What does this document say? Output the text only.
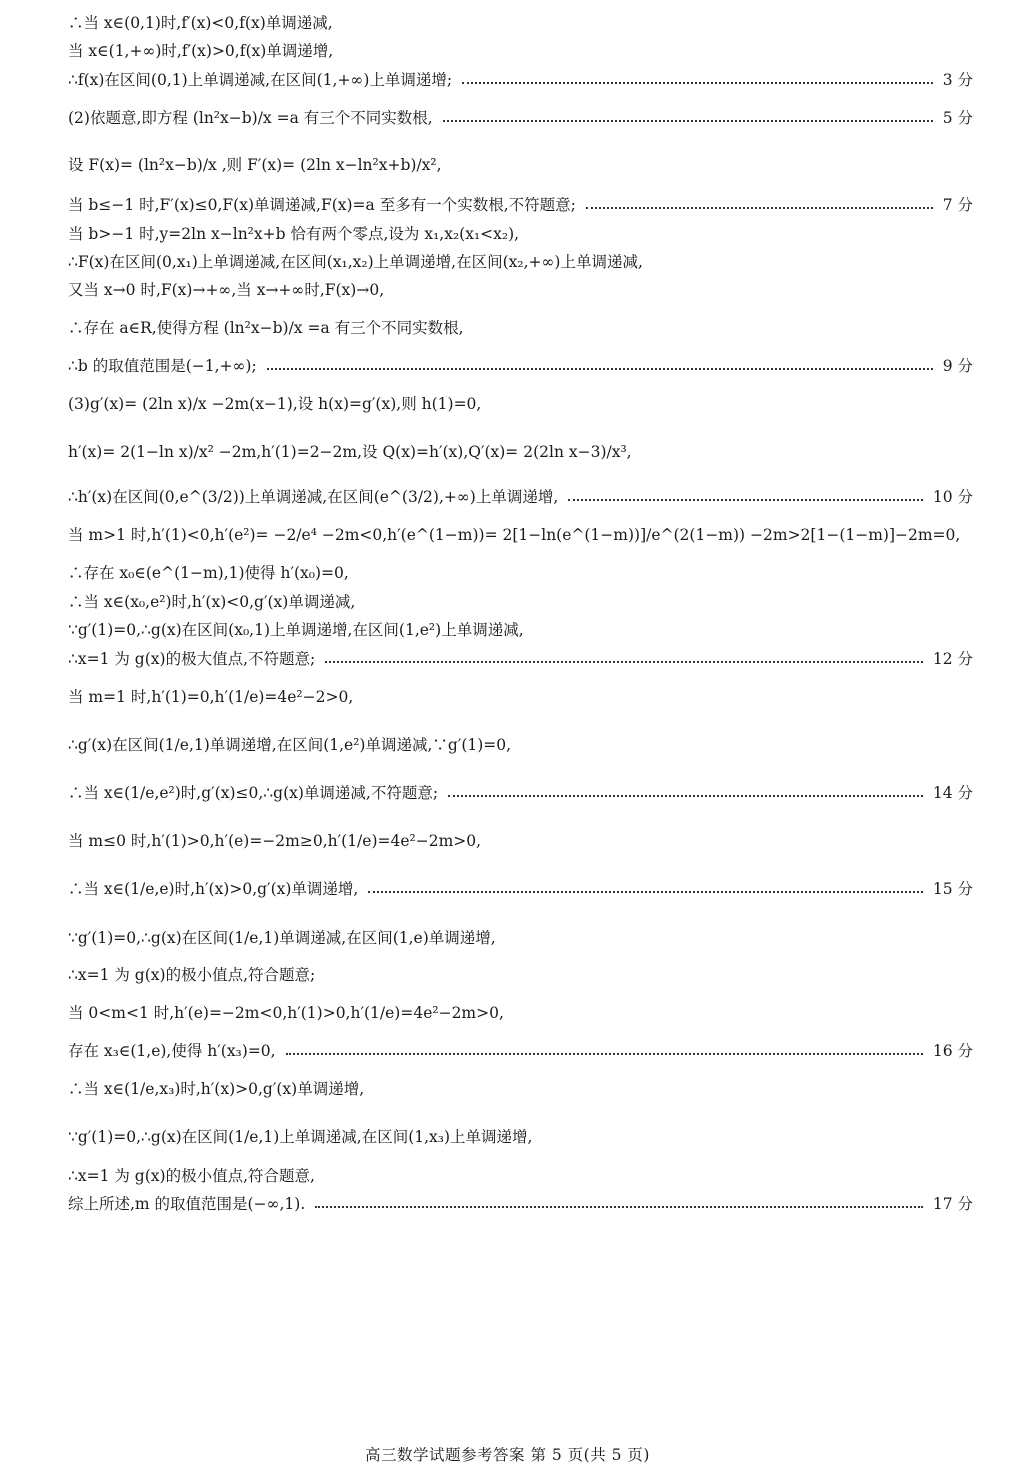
∴当 x∈(0,1)时,f′(x)<0,f(x)单调递减,
当 x∈(1,+∞)时,f′(x)>0,f(x)单调递增,
∴f(x)在区间(0,1)上单调递减,在区间(1,+∞)上单调递增;	3 分
(2)依题意,即方程 (ln²x−b)/x =a 有三个不同实数根,	5 分
设 F(x)= (ln²x−b)/x ,则 F′(x)= (2ln x−ln²x+b)/x²,
当 b≤−1 时,F′(x)≤0,F(x)单调递减,F(x)=a 至多有一个实数根,不符题意;	7 分
当 b>−1 时,y=2ln x−ln²x+b 恰有两个零点,设为 x₁,x₂(x₁<x₂),
∴F(x)在区间(0,x₁)上单调递减,在区间(x₁,x₂)上单调递增,在区间(x₂,+∞)上单调递减,
又当 x→0 时,F(x)→+∞,当 x→+∞时,F(x)→0,
∴存在 a∈R,使得方程 (ln²x−b)/x =a 有三个不同实数根,
∴b 的取值范围是(−1,+∞);	9 分
(3)g′(x)= (2ln x)/x −2m(x−1),设 h(x)=g′(x),则 h(1)=0,
h′(x)= 2(1−ln x)/x² −2m,h′(1)=2−2m,设 Q(x)=h′(x),Q′(x)= 2(2ln x−3)/x³,
∴h′(x)在区间(0,e^(3/2))上单调递减,在区间(e^(3/2),+∞)上单调递增,	10 分
当 m>1 时,h′(1)<0,h′(e²)= −2/e⁴ −2m<0,h′(e^(1−m))= 2[1−ln(e^(1−m))]/e^(2(1−m)) −2m>2[1−(1−m)]−2m=0,
∴存在 x₀∈(e^(1−m),1)使得 h′(x₀)=0,
∴当 x∈(x₀,e²)时,h′(x)<0,g′(x)单调递减,
∵g′(1)=0,∴g(x)在区间(x₀,1)上单调递增,在区间(1,e²)上单调递减,
∴x=1 为 g(x)的极大值点,不符题意;	12 分
当 m=1 时,h′(1)=0,h′(1/e)=4e²−2>0,
∴g′(x)在区间(1/e,1)单调递增,在区间(1,e²)单调递减,∵g′(1)=0,
∴当 x∈(1/e,e²)时,g′(x)≤0,∴g(x)单调递减,不符题意;	14 分
当 m≤0 时,h′(1)>0,h′(e)=−2m≥0,h′(1/e)=4e²−2m>0,
∴当 x∈(1/e,e)时,h′(x)>0,g′(x)单调递增,	15 分
∵g′(1)=0,∴g(x)在区间(1/e,1)单调递减,在区间(1,e)单调递增,
∴x=1 为 g(x)的极小值点,符合题意;
当 0<m<1 时,h′(e)=−2m<0,h′(1)>0,h′(1/e)=4e²−2m>0,
存在 x₃∈(1,e),使得 h′(x₃)=0,	16 分
∴当 x∈(1/e,x₃)时,h′(x)>0,g′(x)单调递增,
∵g′(1)=0,∴g(x)在区间(1/e,1)上单调递减,在区间(1,x₃)上单调递增,
∴x=1 为 g(x)的极小值点,符合题意,
综上所述,m 的取值范围是(−∞,1).	17 分
高三数学试题参考答案 第 5 页(共 5 页)
